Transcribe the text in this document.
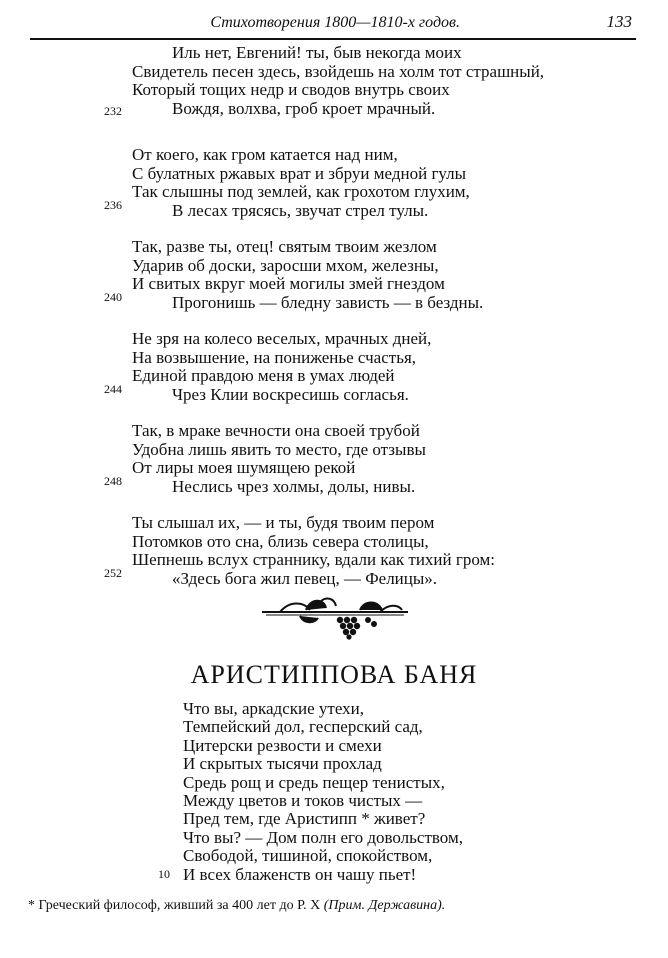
Стихотворения 1800—1810-х годов.	133
Иль нет, Евгений! ты, быв некогда моих
Свидетель песен здесь, взойдешь на холм тот страшный,
Который тощих недр и сводов внутрь своих
Вождя, волхва, гроб кроет мрачный.
232
От коего, как гром катается над ним,
С булатных ржавых врат и збруи медной гулы
Так слышны под землей, как грохотом глухим,
В лесах трясясь, звучат стрел тулы.
236
Так, разве ты, отец! святым твоим жезлом
Ударив об доски, заросши мхом, железны,
И свитых вкруг моей могилы змей гнездом
Прогонишь — бледну зависть — в бездны.
240
Не зря на колесо веселых, мрачных дней,
На возвышение, на пониженье счастья,
Единой правдою меня в умах людей
Чрез Клии воскресишь согласья.
244
Так, в мраке вечности она своей трубой
Удобна лишь явить то место, где отзывы
От лиры моея шумящею рекой
Неслись чрез холмы, долы, нивы.
248
Ты слышал их, — и ты, будя твоим пером
Потомков ото сна, близь севера столицы,
Шепнешь вслух страннику, вдали как тихий гром:
«Здесь бога жил певец, — Фелицы».
252
АРИСТИППОВА БАНЯ
Что вы, аркадские утехи,
Темпейский дол, гесперский сад,
Цитерски резвости и смехи
И скрытых тысячи прохлад
Средь рощ и средь пещер тенистых,
Между цветов и токов чистых —
Пред тем, где Аристипп * живет?
Что вы? — Дом полн его довольством,
Свободой, тишиной, спокойством,
И всех блаженств он чашу пьет!
10
* Греческий философ, живший за 400 лет до Р. Х (Прим. Державина).
